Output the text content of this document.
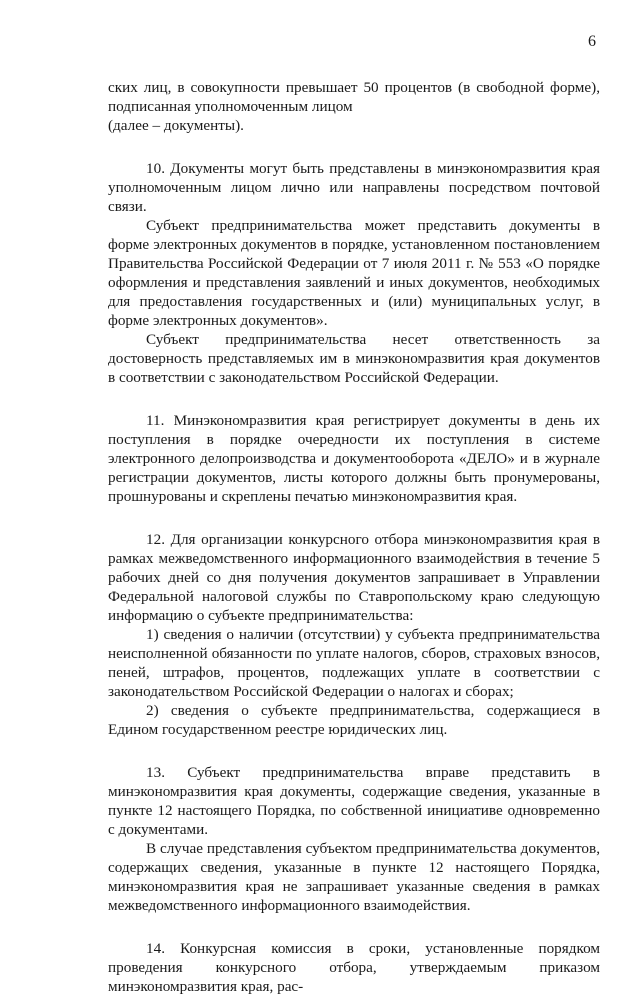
6

ских лиц, в совокупности превышает 50 процентов (в свободной форме), подписанная уполномоченным лицом

(далее – документы).

10. Документы могут быть представлены в минэкономразвития края уполномоченным лицом лично или направлены посредством почтовой связи.

Субъект предпринимательства может представить документы в форме электронных документов в порядке, установленном постановлением Правительства Российской Федерации от 7 июля 2011 г. № 553 «О порядке оформления и представления заявлений и иных документов, необходимых для предоставления государственных и (или) муниципальных услуг, в форме электронных документов».

Субъект предпринимательства несет ответственность за достоверность представляемых им в минэкономразвития края документов в соответствии с законодательством Российской Федерации.

11. Минэкономразвития края регистрирует документы в день их поступления в порядке очередности их поступления в системе электронного делопроизводства и документооборота «ДЕЛО» и в журнале регистрации документов, листы которого должны быть пронумерованы, прошнурованы и скреплены печатью минэкономразвития края.

12. Для организации конкурсного отбора минэкономразвития края в рамках межведомственного информационного взаимодействия в течение 5 рабочих дней со дня получения документов запрашивает в Управлении Федеральной налоговой службы по Ставропольскому краю следующую информацию о субъекте предпринимательства:

1) сведения о наличии (отсутствии) у субъекта предпринимательства неисполненной обязанности по уплате налогов, сборов, страховых взносов, пеней, штрафов, процентов, подлежащих уплате в соответствии с законодательством Российской Федерации о налогах и сборах;

2) сведения о субъекте предпринимательства, содержащиеся в Едином государственном реестре юридических лиц.

13. Субъект предпринимательства вправе представить в минэкономразвития края документы, содержащие сведения, указанные в пункте 12 настоящего Порядка, по собственной инициативе одновременно с документами.

В случае представления субъектом предпринимательства документов, содержащих сведения, указанные в пункте 12 настоящего Порядка, минэкономразвития края не запрашивает указанные сведения в рамках межведомственного информационного взаимодействия.

14. Конкурсная комиссия в сроки, установленные порядком проведения конкурсного отбора, утверждаемым приказом минэкономразвития края, рас-
